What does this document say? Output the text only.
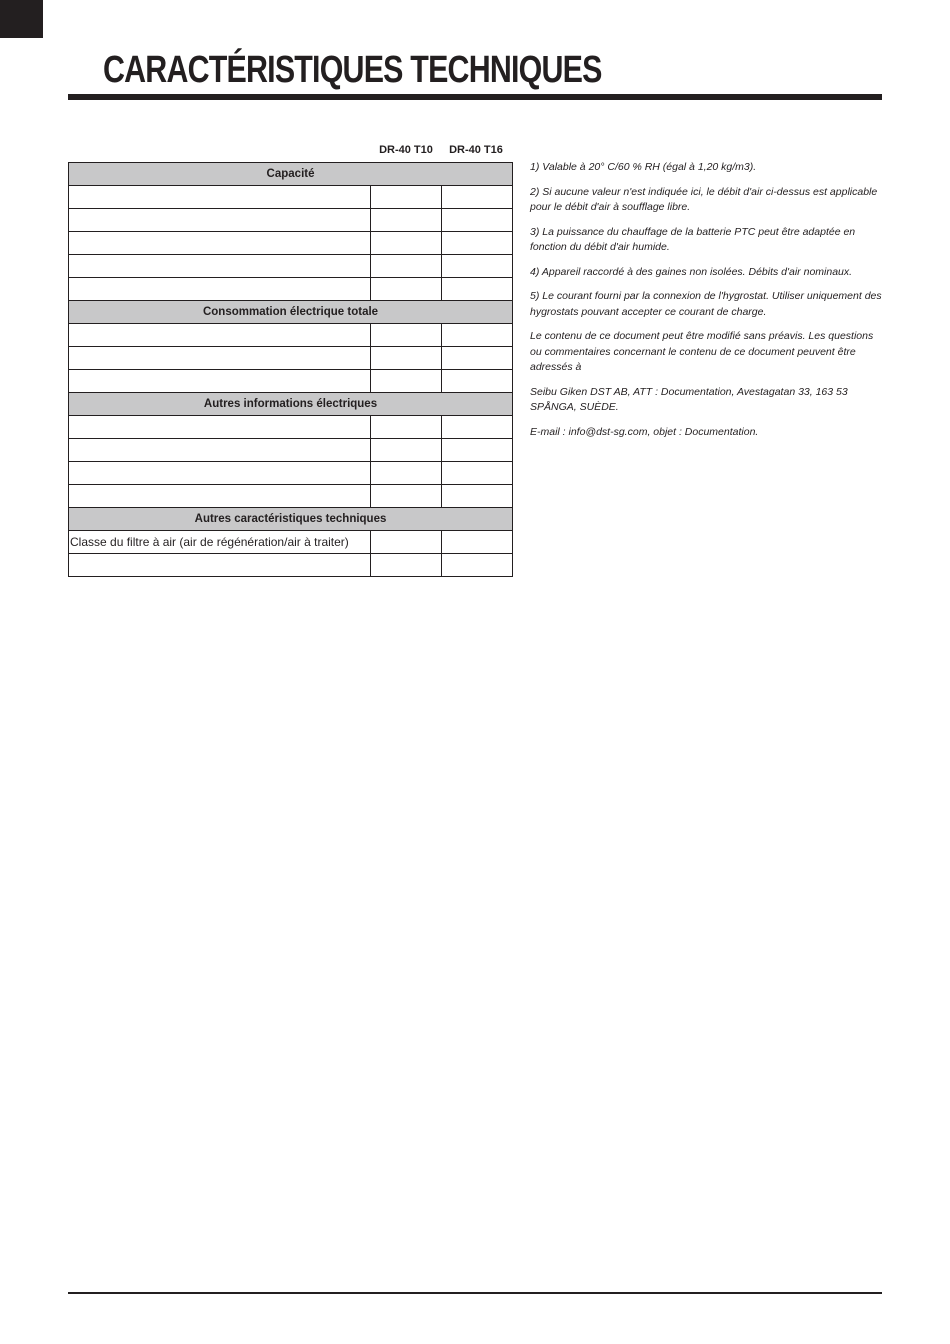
CARACTÉRISTIQUES TECHNIQUES
DR-40 T10	DR-40 T16
Capacité		

Consommation électrique totale		

Autres informations électriques		

Autres caractéristiques techniques		
Classe du filtre à air (air de régénération/air à traiter)		

1) Valable à 20° C/60 % RH (égal à 1,20 kg/m3).

2) Si aucune valeur n'est indiquée ici, le débit d'air ci-dessus est applicable pour le débit d'air à soufflage libre.

3) La puissance du chauffage de la batterie PTC peut être adaptée en fonction du débit d'air humide.

4) Appareil raccordé à des gaines non isolées. Débits d'air nominaux.

5) Le courant fourni par la connexion de l'hygrostat. Utiliser uniquement des hygrostats pouvant accepter ce courant de charge.

Le contenu de ce document peut être modifié sans préavis. Les questions ou commentaires concernant le contenu de ce document peuvent être adressés à

Seibu Giken DST AB, ATT : Documentation, Avestagatan 33, 163 53 SPÅNGA, SUÈDE.

E-mail : info@dst-sg.com, objet : Documentation.
